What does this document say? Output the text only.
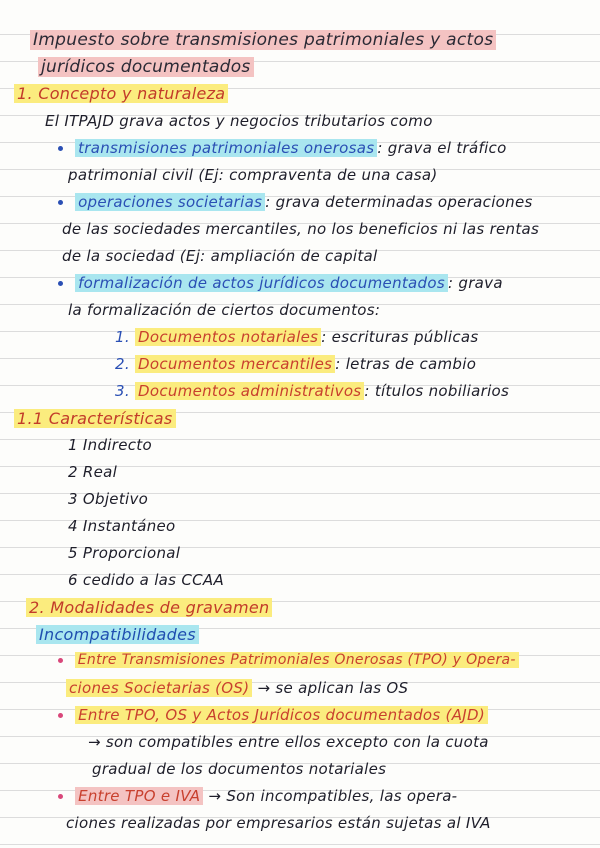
Impuesto sobre transmisiones patrimoniales y actos
jurídicos documentados
1. Concepto y naturaleza
El ITPAJD grava actos y negocios tributarios como
transmisiones patrimoniales onerosas : grava el tráfico
patrimonial civil (Ej: compraventa de una casa)
operaciones societarias : grava determinadas operaciones
de las sociedades mercantiles, no los beneficios ni las rentas
de la sociedad (Ej: ampliación de capital
formalización de actos jurídicos documentados : grava
la formalización de ciertos documentos:
1. Documentos notariales : escrituras públicas
2. Documentos mercantiles : letras de cambio
3. Documentos administrativos : títulos nobiliarios
1.1 Características
1 Indirecto
2 Real
3 Objetivo
4 Instantáneo
5 Proporcional
6 cedido a las CCAA
2. Modalidades de gravamen
Incompatibilidades
Entre Transmisiones Patrimoniales Onerosas (TPO) y Opera-
ciones Societarias (OS) → se aplican las OS
Entre TPO, OS y Actos Jurídicos documentados (AJD)
→ son compatibles entre ellos excepto con la cuota
gradual de los documentos notariales
Entre TPO e IVA → Son incompatibles, las opera-
ciones realizadas por empresarios están sujetas al IVA
